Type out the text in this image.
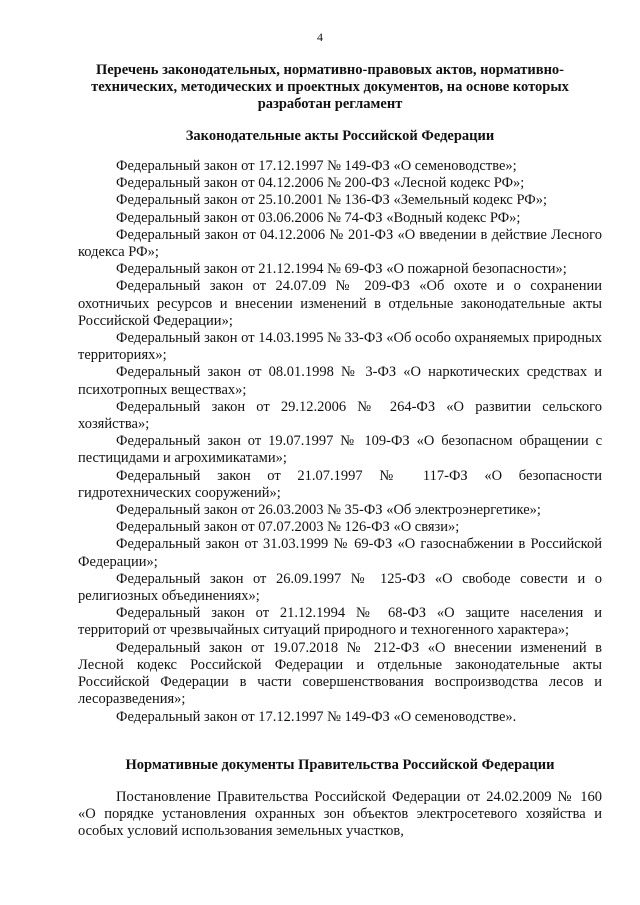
4
Перечень законодательных, нормативно-правовых актов, нормативно-технических, методических и проектных документов, на основе которых разработан регламент
Законодательные акты Российской Федерации

Федеральный закон от 17.12.1997 № 149-ФЗ «О семеноводстве»;

Федеральный закон от 04.12.2006 № 200-ФЗ «Лесной кодекс РФ»;

Федеральный закон от 25.10.2001 № 136-ФЗ «Земельный кодекс РФ»;

Федеральный закон от 03.06.2006 № 74-ФЗ «Водный кодекс РФ»;

Федеральный закон от 04.12.2006 № 201-ФЗ «О введении в действие Лесного кодекса РФ»;

Федеральный закон от 21.12.1994 № 69-ФЗ «О пожарной безопасности»;

Федеральный закон от 24.07.09 № 209-ФЗ «Об охоте и о сохранении охотничьих ресурсов и внесении изменений в отдельные законодательные акты Российской Федерации»;

Федеральный закон от 14.03.1995 № 33-ФЗ «Об особо охраняемых природных территориях»;

Федеральный закон от 08.01.1998 № 3-ФЗ «О наркотических средствах и психотропных веществах»;

Федеральный закон от 29.12.2006 № 264-ФЗ «О развитии сельского хозяйства»;

Федеральный закон от 19.07.1997 № 109-ФЗ «О безопасном обращении с пестицидами и агрохимикатами»;

Федеральный закон от 21.07.1997 № 117-ФЗ «О безопасности гидротехнических сооружений»;

Федеральный закон от 26.03.2003 № 35-ФЗ «Об электроэнергетике»;

Федеральный закон от 07.07.2003 № 126-ФЗ «О связи»;

Федеральный закон от 31.03.1999 № 69-ФЗ «О газоснабжении в Российской Федерации»;

Федеральный закон от 26.09.1997 № 125-ФЗ «О свободе совести и о религиозных объединениях»;

Федеральный закон от 21.12.1994 № 68-ФЗ «О защите населения и территорий от чрезвычайных ситуаций природного и техногенного характера»;

Федеральный закон от 19.07.2018 № 212-ФЗ «О внесении изменений в Лесной кодекс Российской Федерации и отдельные законодательные акты Российской Федерации в части совершенствования воспроизводства лесов и лесоразведения»;

Федеральный закон от 17.12.1997 № 149-ФЗ «О семеноводстве».

Нормативные документы Правительства Российской Федерации

Постановление Правительства Российской Федерации от 24.02.2009 № 160 «О порядке установления охранных зон объектов электросетевого хозяйства и особых условий использования земельных участков,
